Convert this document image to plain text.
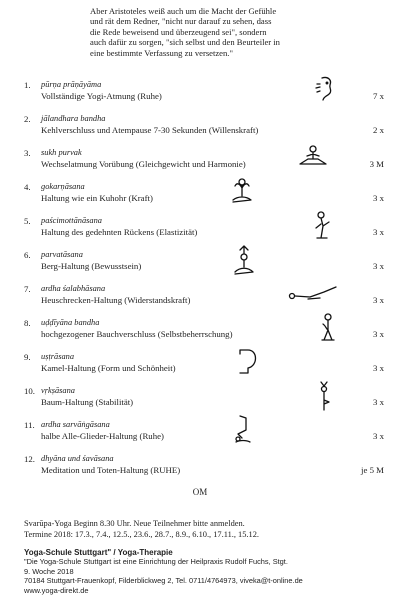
Aber Aristoteles weiß auch um die Macht der Gefühle
und rät dem Redner, "nicht nur darauf zu sehen, dass
die Rede beweisend und überzeugend sei", sondern
auch dafür zu sorgen, "sich selbst und den Beurteiler in
eine bestimmte Verfassung zu versetzen."
1. pūrṇa prāṇāyāma
Vollständige Yogi-Atmung (Ruhe)	7 x
2. jālandhara bandha
Kehlverschluss und Atempause 7-30 Sekunden (Willenskraft)	2 x
3. sukh purvak
Wechselatmung Vorübung (Gleichgewicht und Harmonie)	3 M
4. gokarṇāsana
Haltung wie ein Kuhohr (Kraft)	3 x
5. paścimottānāsana
Haltung des gedehnten Rückens (Elastizität)	3 x
6. parvatāsana
Berg-Haltung (Bewusstsein)	3 x
7. ardha śalabhāsana
Heuschrecken-Haltung (Widerstandskraft)	3 x
8. uḍḍīyāna bandha
hochgezogener Bauchverschluss (Selbstbeherrschung)	3 x
9. uṣṭrāsana
Kamel-Haltung (Form und Schönheit)	3 x
10. vṛkṣāsana
Baum-Haltung (Stabilität)	3 x
11. ardha sarvāṅgāsana
halbe Alle-Glieder-Haltung (Ruhe)	3 x
12. dhyāna und śavāsana
Meditation und Toten-Haltung (RUHE)	je 5 M
OM
Svarūpa-Yoga Beginn 8.30 Uhr. Neue Teilnehmer bitte anmelden.
Termine 2018: 17.3., 7.4., 12.5., 23.6., 28.7., 8.9., 6.10., 17.11., 15.12.
Yoga-Schule Stuttgart" / Yoga-Therapie
"Die Yoga-Schule Stuttgart ist eine Einrichtung der Heilpraxis Rudolf Fuchs, Stgt.
9. Woche 2018
70184 Stuttgart-Frauenkopf, Filderblickweg 2, Tel. 0711/4764973, viveka@t-online.de
www.yoga-direkt.de
